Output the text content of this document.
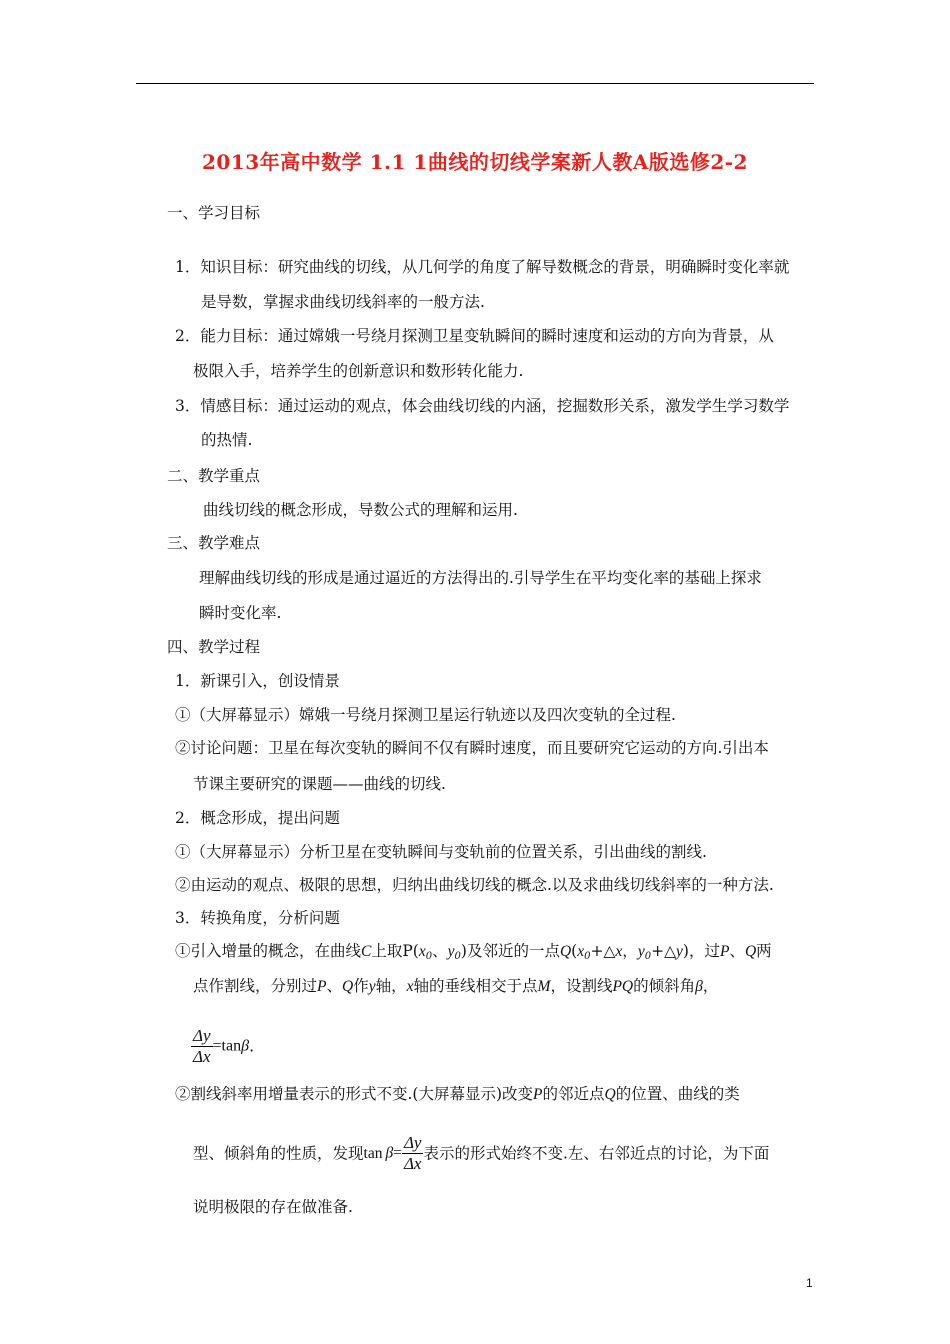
2013年高中数学 1.1 1曲线的切线学案新人教A版选修2-2
一、学习目标
1．知识目标：研究曲线的切线，从几何学的角度了解导数概念的背景，明确瞬时变化率就
是导数，掌握求曲线切线斜率的一般方法.
2．能力目标：通过嫦娥一号绕月探测卫星变轨瞬间的瞬时速度和运动的方向为背景，从
极限入手，培养学生的创新意识和数形转化能力.
3．情感目标：通过运动的观点，体会曲线切线的内涵，挖掘数形关系，激发学生学习数学
的热情.
二、教学重点
曲线切线的概念形成，导数公式的理解和运用.
三、教学难点
理解曲线切线的形成是通过逼近的方法得出的.引导学生在平均变化率的基础上探求
瞬时变化率.
四、教学过程
1．新课引入，创设情景
①（大屏幕显示）嫦娥一号绕月探测卫星运行轨迹以及四次变轨的全过程.
②讨论问题：卫星在每次变轨的瞬间不仅有瞬时速度，而且要研究它运动的方向.引出本
节课主要研究的课题——曲线的切线.
2．概念形成，提出问题
①（大屏幕显示）分析卫星在变轨瞬间与变轨前的位置关系，引出曲线的割线.
②由运动的观点、极限的思想，归纳出曲线切线的概念.以及求曲线切线斜率的一种方法.
3．转换角度，分析问题
①引入增量的概念，在曲线C上取$P(x_0$、$y_0$)及邻近的一点$Q(x_0+\triangle x$，$y_0+\triangle y$)，过P、Q两
点作割线，分别过P、Q作y轴，x轴的垂线相交于点M，设割线PQ的倾斜角β，
$\frac{\Delta y}{\Delta x} =\tan\beta$.
②割线斜率用增量表示的形式不变.(大屏幕显示)改变P的邻近点Q的位置、曲线的类
型、倾斜角的性质，发现$\tan \beta= \frac{\Delta y}{\Delta x}$ 表示的形式始终不变.左、右邻近点的讨论，为下面
说明极限的存在做准备.
1
